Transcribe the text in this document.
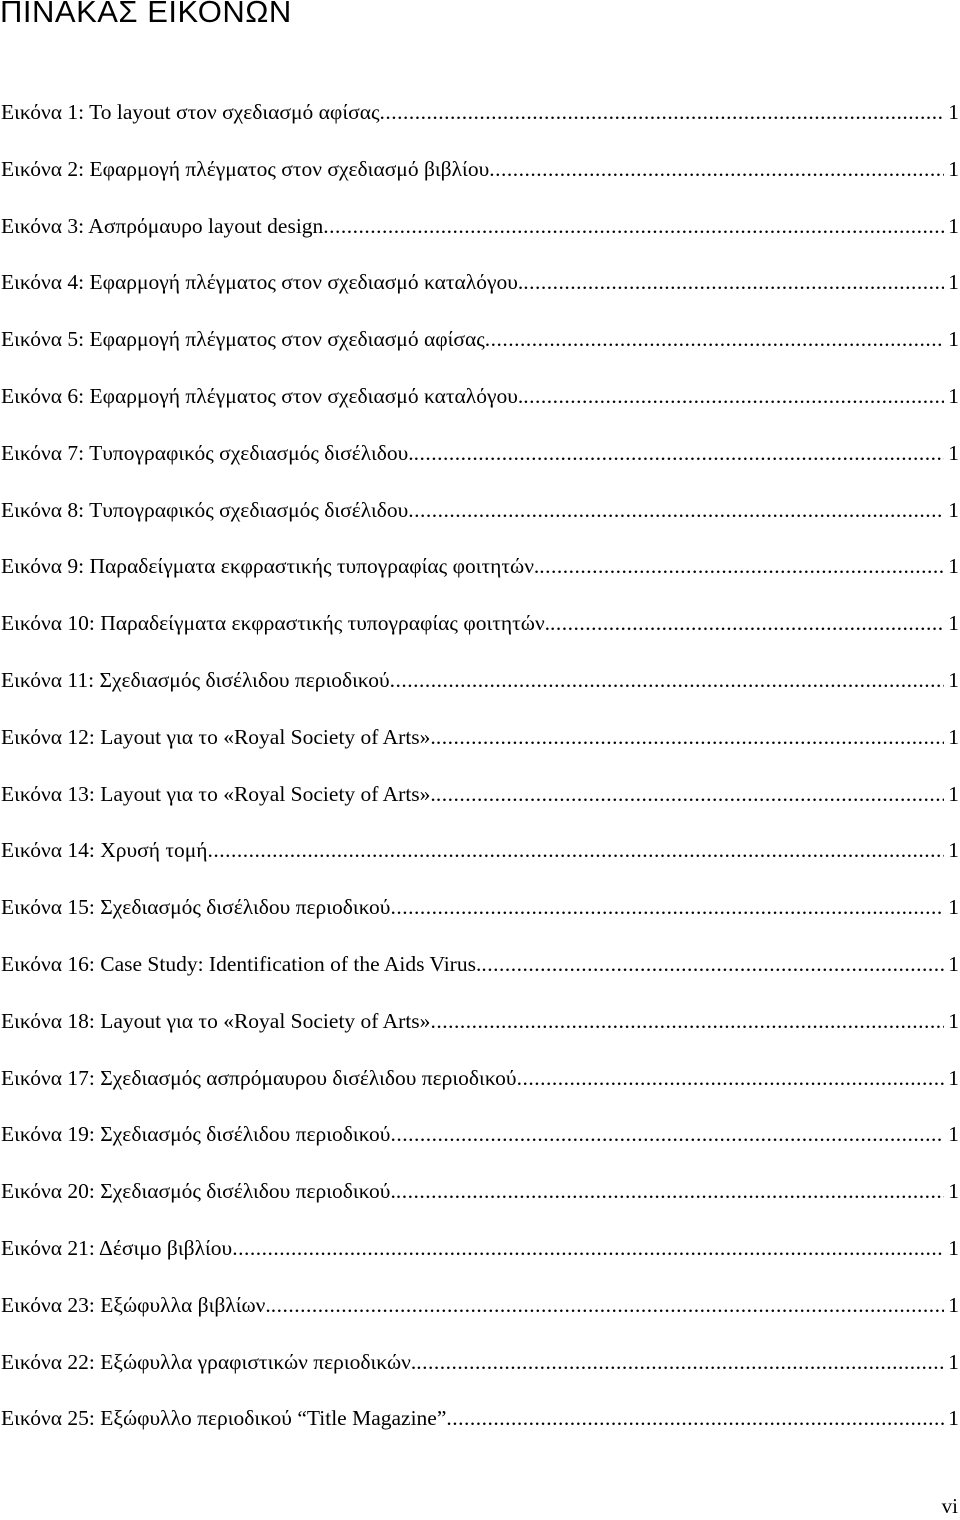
ΠΙΝΑΚΑΣ ΕΙΚΟΝΩΝ
Εικόνα 1: Το layout στον σχεδιασμό αφίσας .....	1
Εικόνα 2: Εφαρμογή πλέγματος στον σχεδιασμό βιβλίου .....	1
Εικόνα 3: Ασπρόμαυρο layout design .....	1
Εικόνα 4: Εφαρμογή πλέγματος στον σχεδιασμό καταλόγου. .....	1
Εικόνα 5: Εφαρμογή πλέγματος στον σχεδιασμό αφίσας .....	1
Εικόνα 6: Εφαρμογή πλέγματος στον σχεδιασμό καταλόγου. .....	1
Εικόνα 7: Τυπογραφικός σχεδιασμός δισέλιδου. .....	1
Εικόνα 8: Τυπογραφικός σχεδιασμός δισέλιδου .....	1
Εικόνα 9: Παραδείγματα εκφραστικής τυπογραφίας φοιτητών. .....	1
Εικόνα 10: Παραδείγματα εκφραστικής τυπογραφίας φοιτητών. .....	1
Εικόνα 11: Σχεδιασμός δισέλιδου περιοδικού .....	1
Εικόνα 12: Layout για το «Royal Society of Arts». .....	1
Εικόνα 13: Layout για το «Royal Society of Arts». .....	1
Εικόνα 14: Χρυσή τομή .....	1
Εικόνα 15: Σχεδιασμός δισέλιδου περιοδικού .....	1
Εικόνα 16: Case Study: Identification of the Aids Virus. .....	1
Εικόνα 18: Layout για το «Royal Society of Arts» .....	1
Εικόνα 17: Σχεδιασμός ασπρόμαυρου δισέλιδου περιοδικού .....	1
Εικόνα 19: Σχεδιασμός δισέλιδου περιοδικού .....	1
Εικόνα 20: Σχεδιασμός δισέλιδου περιοδικού. .....	1
Εικόνα 21: Δέσιμο βιβλίου .....	1
Εικόνα 23: Εξώφυλλα βιβλίων. .....	1
Εικόνα 22: Εξώφυλλα γραφιστικών περιοδικών. .....	1
Εικόνα 25: Εξώφυλλο περιοδικού “Title Magazine” .....	1
vi
